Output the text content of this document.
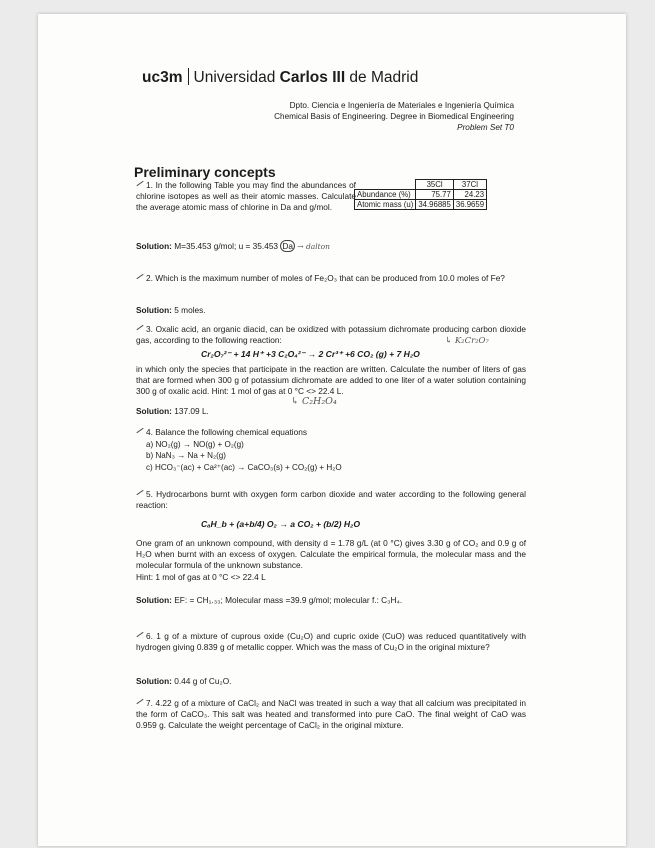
uc3m Universidad Carlos III de Madrid
Dpto. Ciencia e Ingeniería de Materiales e Ingeniería Química
Chemical Basis of Engineering. Degree in Biomedical Engineering
Problem Set T0
Preliminary concepts
1. In the following Table you may find the abundances of chlorine isotopes as well as their atomic masses. Calculate the average atomic mass of chlorine in Da and g/mol.
	35Cl	37Cl
Abundance (%)	75.77	24.23
Atomic mass (u)	34.96885	36.9659
Solution: M=35.453 g/mol; u = 35.453 Da → dalton
2. Which is the maximum number of moles of Fe₂O₃ that can be produced from 10.0 moles of Fe?
Solution: 5 moles.
3. Oxalic acid, an organic diacid, can be oxidized with potassium dichromate producing carbon dioxide gas, according to the following reaction:	↳ K₂Cr₂O₇
Cr₂O₇²⁻ + 14 H⁺ +3 C₂O₄²⁻ → 2 Cr³⁺ +6 CO₂ (g) + 7 H₂O
in which only the species that participate in the reaction are written. Calculate the number of liters of gas that are formed when 300 g of potassium dichromate are added to one liter of a water solution containing 300 g of oxalic acid. Hint: 1 mol of gas at 0 °C <> 22.4 L.
↳ C₂H₂O₄
Solution: 137.09 L.
4. Balance the following chemical equations
a) NO₂(g) → NO(g) + O₂(g)
b) NaN₃ → Na + N₂(g)
c) HCO₃⁻(ac) + Ca²⁺(ac) → CaCO₃(s) + CO₂(g) + H₂O
5. Hydrocarbons burnt with oxygen form carbon dioxide and water according to the following general reaction:
CₐH_b + (a+b/4) O₂ → a CO₂ + (b/2) H₂O
One gram of an unknown compound, with density d = 1.78 g/L (at 0 °C) gives 3.30 g of CO₂ and 0.9 g of H₂O when burnt with an excess of oxygen. Calculate the empirical formula, the molecular mass and the molecular formula of the unknown substance.
Hint: 1 mol of gas at 0 °C <> 22.4 L
Solution: EF: = CH₁.₃₃; Molecular mass =39.9 g/mol; molecular f.: C₃H₄.
6. 1 g of a mixture of cuprous oxide (Cu₂O) and cupric oxide (CuO) was reduced quantitatively with hydrogen giving 0.839 g of metallic copper. Which was the mass of Cu₂O in the original mixture?
Solution: 0.44 g of Cu₂O.
7. 4.22 g of a mixture of CaCl₂ and NaCl was treated in such a way that all calcium was precipitated in the form of CaCO₃. This salt was heated and transformed into pure CaO. The final weight of CaO was 0.959 g. Calculate the weight percentage of CaCl₂ in the original mixture.
